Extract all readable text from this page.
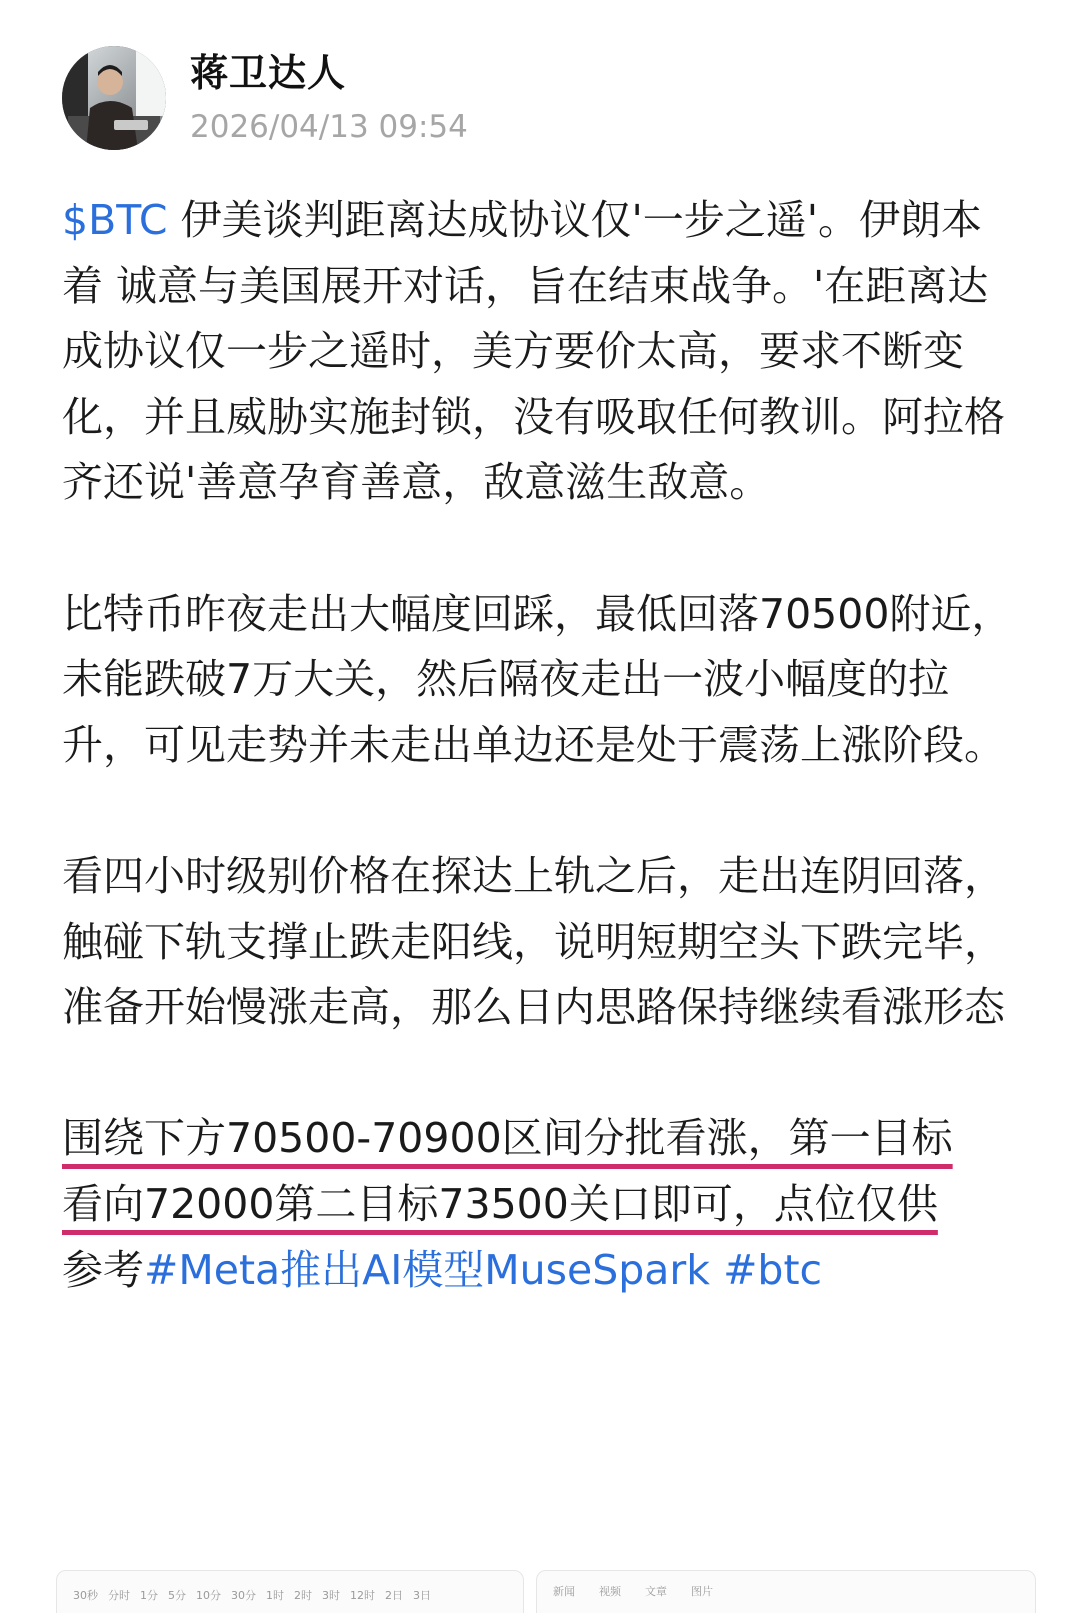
蒋卫达人
2026/04/13 09:54

$BTC 伊美谈判距离达成协议仅'一步之遥'。伊朗本着 诚意与美国展开对话，旨在结束战争。'在距离达成协议仅一步之遥时，美方要价太高，要求不断变化，并且威胁实施封锁，没有吸取任何教训。阿拉格齐还说'善意孕育善意，敌意滋生敌意。

比特币昨夜走出大幅度回踩，最低回落70500附近，未能跌破7万大关，然后隔夜走出一波小幅度的拉升，可见走势并未走出单边还是处于震荡上涨阶段。

看四小时级别价格在探达上轨之后，走出连阴回落，触碰下轨支撑止跌走阳线，说明短期空头下跌完毕，准备开始慢涨走高，那么日内思路保持继续看涨形态

围绕下方70500-70900区间分批看涨，第一目标
看向72000第二目标73500关口即可，点位仅供
参考#Meta推出AI模型MuseSpark #btc

30秒 分时 1分 5分 10分 30分 1时 2时 3时 12时 2日 3日	新闻 视频 文章 图片
